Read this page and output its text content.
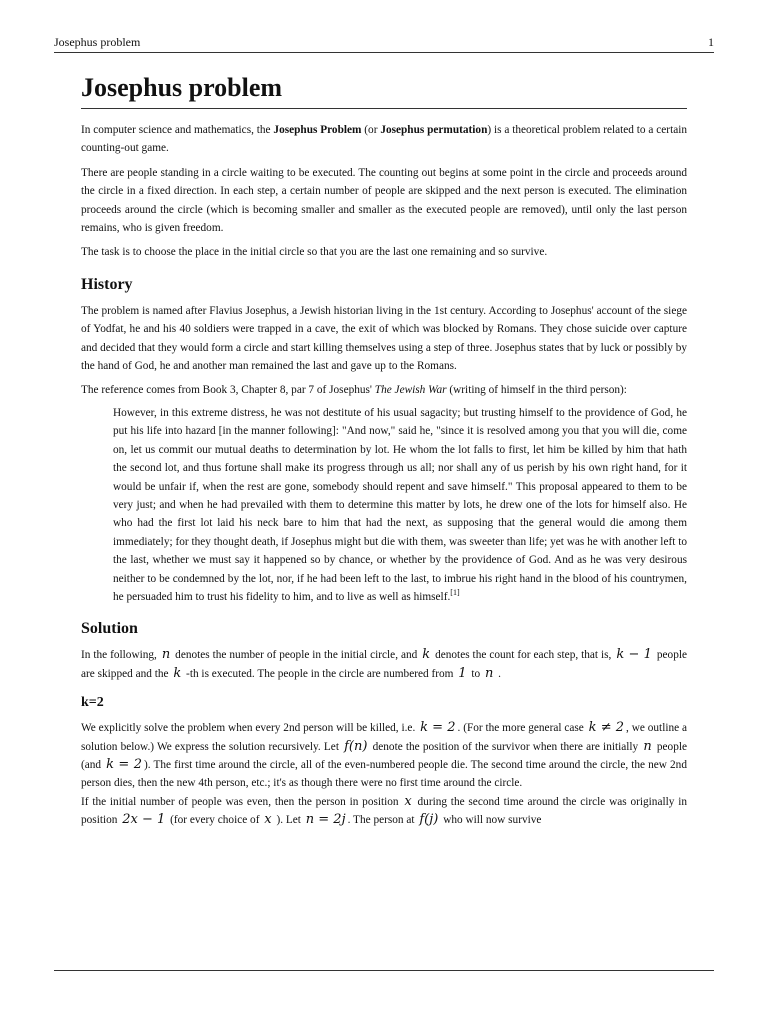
Josephus problem	1
Josephus problem

In computer science and mathematics, the Josephus Problem (or Josephus permutation) is a theoretical problem related to a certain counting-out game.

There are people standing in a circle waiting to be executed. The counting out begins at some point in the circle and proceeds around the circle in a fixed direction. In each step, a certain number of people are skipped and the next person is executed. The elimination proceeds around the circle (which is becoming smaller and smaller as the executed people are removed), until only the last person remains, who is given freedom.

The task is to choose the place in the initial circle so that you are the last one remaining and so survive.

History

The problem is named after Flavius Josephus, a Jewish historian living in the 1st century. According to Josephus' account of the siege of Yodfat, he and his 40 soldiers were trapped in a cave, the exit of which was blocked by Romans. They chose suicide over capture and decided that they would form a circle and start killing themselves using a step of three. Josephus states that by luck or possibly by the hand of God, he and another man remained the last and gave up to the Romans.

The reference comes from Book 3, Chapter 8, par 7 of Josephus' The Jewish War (writing of himself in the third person):

However, in this extreme distress, he was not destitute of his usual sagacity; but trusting himself to the providence of God, he put his life into hazard [in the manner following]: "And now," said he, "since it is resolved among you that you will die, come on, let us commit our mutual deaths to determination by lot. He whom the lot falls to first, let him be killed by him that hath the second lot, and thus fortune shall make its progress through us all; nor shall any of us perish by his own right hand, for it would be unfair if, when the rest are gone, somebody should repent and save himself." This proposal appeared to them to be very just; and when he had prevailed with them to determine this matter by lots, he drew one of the lots for himself also. He who had the first lot laid his neck bare to him that had the next, as supposing that the general would die among them immediately; for they thought death, if Josephus might but die with them, was sweeter than life; yet was he with another left to the last, whether we must say it happened so by chance, or whether by the providence of God. And as he was very desirous neither to be condemned by the lot, nor, if he had been left to the last, to imbrue his right hand in the blood of his countrymen, he persuaded him to trust his fidelity to him, and to live as well as himself.[1]
Solution

In the following, n denotes the number of people in the initial circle, and k denotes the count for each step, that is, k − 1 people are skipped and the k -th is executed. The people in the circle are numbered from 1 to n .

k=2

We explicitly solve the problem when every 2nd person will be killed, i.e. k = 2 . (For the more general case k ≠ 2 , we outline a solution below.) We express the solution recursively. Let f(n) denote the position of the survivor when there are initially n people (and k = 2 ). The first time around the circle, all of the even-numbered people die. The second time around the circle, the new 2nd person dies, then the new 4th person, etc.; it's as though there were no first time around the circle.

If the initial number of people was even, then the person in position x during the second time around the circle was originally in position 2x − 1 (for every choice of x ). Let n = 2j . The person at f(j) who will now survive
